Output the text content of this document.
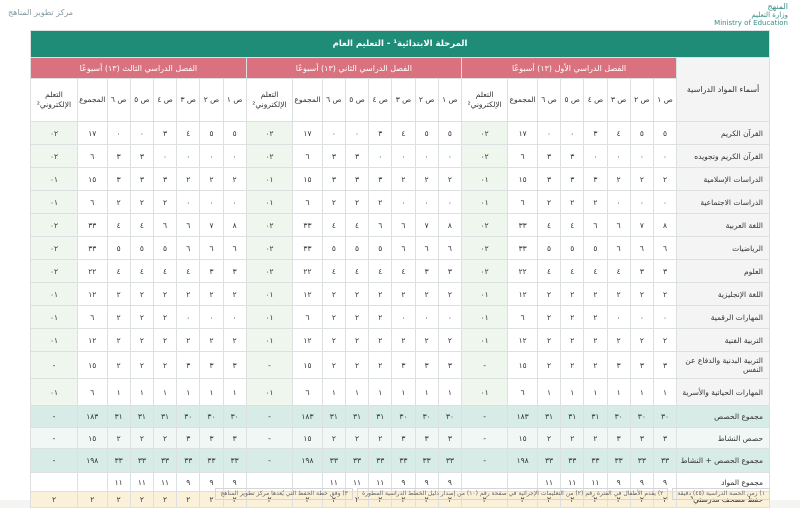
مركز تطوير المناهج
المنهج
وزارة التعليم
Ministry of Education
المرحلة الابتدائية¹ - التعليم العام																								
أسماء المواد الدراسية	الفصل الدراسي الأول (١٣) أسبوعًا								الفصل الدراسي الثاني (١٣) أسبوعًا								الفصل الدراسي الثالث (١٣) أسبوعًا							
	ص ١	ص ٢	ص ٣	ص ٤	ص ٥	ص ٦	المجموع	التعلم الإلكتروني²	ص ١	ص ٢	ص ٣	ص ٤	ص ٥	ص ٦	المجموع	التعلم الإلكتروني²	ص ١	ص ٢	ص ٣	ص ٤	ص ٥	ص ٦	المجموع	التعلم الإلكتروني²
القرآن الكريم	٥	٥	٤	٣	٠	٠	١٧	٠٢	٥	٥	٤	٣	٠	٠	١٧	٠٢	٥	٥	٤	٣	٠	٠	١٧	٠٢
القرآن الكريم وتجويده	٠	٠	٠	٠	٣	٣	٦	٠٢	٠	٠	٠	٠	٣	٣	٦	٠٢	٠	٠	٠	٠	٣	٣	٦	٠٢
الدراسات الإسلامية	٢	٢	٢	٣	٣	٣	١٥	٠١	٢	٢	٢	٣	٣	٣	١٥	٠١	٢	٢	٢	٣	٣	٣	١٥	٠١
الدراسات الاجتماعية	٠	٠	٠	٢	٢	٢	٦	٠١	٠	٠	٠	٢	٢	٢	٦	٠١	٠	٠	٠	٢	٢	٢	٦	٠١
اللغة العربية	٨	٧	٦	٦	٤	٤	٣٣	٠٢	٨	٧	٦	٦	٤	٤	٣٣	٠٢	٨	٧	٦	٦	٤	٤	٣٣	٠٢
الرياضيات	٦	٦	٦	٥	٥	٥	٣٣	٠٢	٦	٦	٦	٥	٥	٥	٣٣	٠٢	٦	٦	٦	٥	٥	٥	٣٣	٠٢
العلوم	٣	٣	٤	٤	٤	٤	٢٢	٠٢	٣	٣	٤	٤	٤	٤	٢٢	٠٢	٣	٣	٤	٤	٤	٤	٢٢	٠٢
اللغة الإنجليزية	٢	٢	٢	٢	٢	٢	١٢	٠١	٢	٢	٢	٢	٢	٢	١٢	٠١	٢	٢	٢	٢	٢	٢	١٢	٠١
المهارات الرقمية	٠	٠	٠	٢	٢	٢	٦	٠١	٠	٠	٠	٢	٢	٢	٦	٠١	٠	٠	٠	٢	٢	٢	٦	٠١
التربية الفنية	٢	٢	٢	٢	٢	٢	١٢	٠١	٢	٢	٢	٢	٢	٢	١٢	٠١	٢	٢	٢	٢	٢	٢	١٢	٠١
التربية البدنية والدفاع عن النفس	٣	٣	٣	٢	٢	٢	١٥	-	٣	٣	٣	٢	٢	٢	١٥	-	٣	٣	٣	٢	٢	٢	١٥	-
المهارات الحياتية والأسرية	١	١	١	١	١	١	٦	٠١	١	١	١	١	١	١	٦	٠١	١	١	١	١	١	١	٦	٠١
مجموع الحصص	٣٠	٣٠	٣٠	٣١	٣١	٣١	١٨٣	-	٣٠	٣٠	٣٠	٣١	٣١	٣١	١٨٣	-	٣٠	٣٠	٣٠	٣١	٣١	٣١	١٨٣	-
حصص النشاط	٣	٣	٣	٢	٢	٢	١٥	-	٣	٣	٣	٢	٢	٢	١٥	-	٣	٣	٣	٢	٢	٢	١٥	-
مجموع الحصص + النشاط	٣٣	٣٣	٣٣	٣٣	٣٣	٣٣	١٩٨	-	٣٣	٣٣	٣٣	٣٣	٣٣	٣٣	١٩٨	-	٣٣	٣٣	٣٣	٣٣	٣٣	٣٣	١٩٨	-
مجموع المواد	٩	٩	٩	١١	١١	١١			٩	٩	٩	١١	١١	١١			٩	٩	٩	١١	١١	١١		
حفظ مصحف مدرستي³	٢	٢	٢	٢	٢	٢	٢	٢	٢	٢	٢	٢	٢	٢	٢	٢	٢	٢	٢	٢	٢	٢	٢	٢
١) زمن الحصة الدراسية (٤٥) دقيقة
٢) يقدم الأطفال في الفترة رقم (٢) من التعليمات الإجرائية في صفحة رقم (١٠) من إصدار دليل الخطط الدراسية المطورة
٣) وفق خطة الحفظ التي يُعدها مركز تطوير المناهج
